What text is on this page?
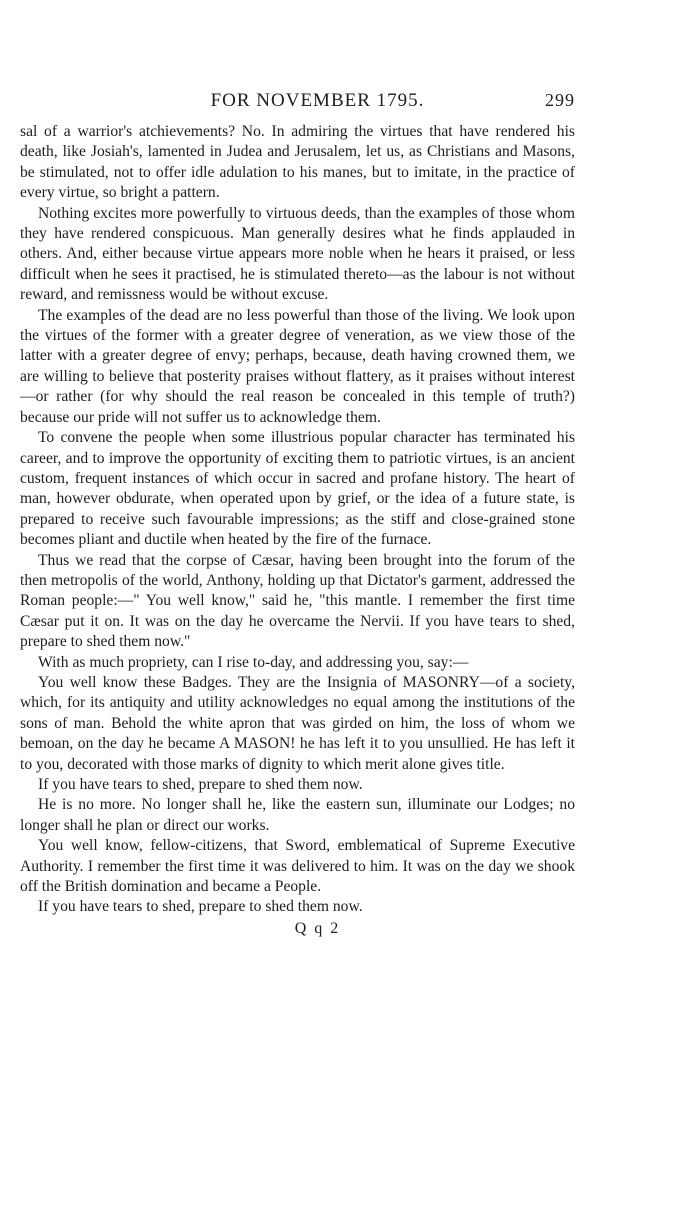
FOR NOVEMBER 1795.	299

sal of a warrior's atchievements? No. In admiring the virtues that have rendered his death, like Josiah's, lamented in Judea and Jerusalem, let us, as Christians and Masons, be stimulated, not to offer idle adulation to his manes, but to imitate, in the practice of every virtue, so bright a pattern.

Nothing excites more powerfully to virtuous deeds, than the examples of those whom they have rendered conspicuous. Man generally desires what he finds applauded in others. And, either because virtue appears more noble when he hears it praised, or less difficult when he sees it practised, he is stimulated thereto—as the labour is not without reward, and remissness would be without excuse.

The examples of the dead are no less powerful than those of the living. We look upon the virtues of the former with a greater degree of veneration, as we view those of the latter with a greater degree of envy; perhaps, because, death having crowned them, we are willing to believe that posterity praises without flattery, as it praises without interest—or rather (for why should the real reason be concealed in this temple of truth?) because our pride will not suffer us to acknowledge them.

To convene the people when some illustrious popular character has terminated his career, and to improve the opportunity of exciting them to patriotic virtues, is an ancient custom, frequent instances of which occur in sacred and profane history. The heart of man, however obdurate, when operated upon by grief, or the idea of a future state, is prepared to receive such favourable impressions; as the stiff and close-grained stone becomes pliant and ductile when heated by the fire of the furnace.

Thus we read that the corpse of Cæsar, having been brought into the forum of the then metropolis of the world, Anthony, holding up that Dictator's garment, addressed the Roman people:—" You well know," said he, "this mantle. I remember the first time Cæsar put it on. It was on the day he overcame the Nervii. If you have tears to shed, prepare to shed them now."

With as much propriety, can I rise to-day, and addressing you, say:—

You well know these Badges. They are the Insignia of MASONRY—of a society, which, for its antiquity and utility acknowledges no equal among the institutions of the sons of man. Behold the white apron that was girded on him, the loss of whom we bemoan, on the day he became A MASON! he has left it to you unsullied. He has left it to you, decorated with those marks of dignity to which merit alone gives title.

If you have tears to shed, prepare to shed them now.

He is no more. No longer shall he, like the eastern sun, illuminate our Lodges; no longer shall he plan or direct our works.

You well know, fellow-citizens, that Sword, emblematical of Supreme Executive Authority. I remember the first time it was delivered to him. It was on the day we shook off the British domination and became a People.

If you have tears to shed, prepare to shed them now.

Q q 2
